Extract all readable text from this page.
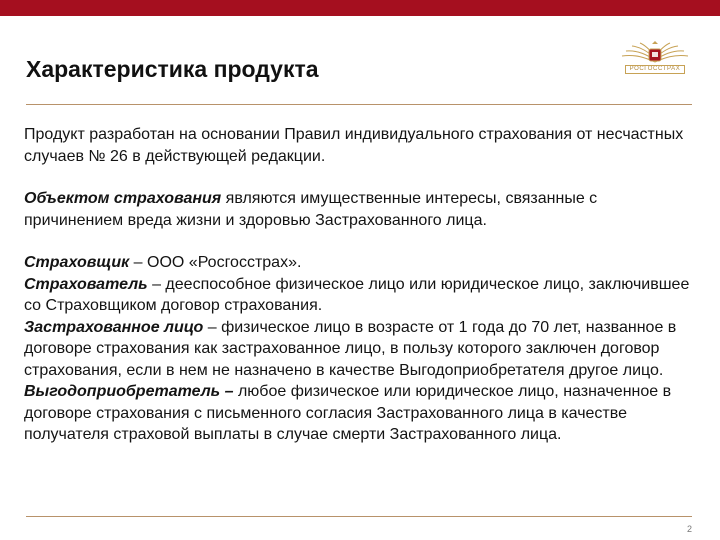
Характеристика продукта	РОСГОССТРАХ

Продукт разработан на основании Правил индивидуального страхования от несчастных случаев № 26 в действующей редакции.

Объектом страхования являются имущественные интересы, связанные с причинением вреда жизни и здоровью Застрахованного лица.

Страховщик – ООО «Росгосстрах».

Страхователь – дееспособное физическое лицо или юридическое лицо, заключившее со Страховщиком договор страхования.

Застрахованное лицо – физическое лицо в возрасте от 1 года до 70 лет, названное в договоре страхования как застрахованное лицо, в пользу которого заключен договор страхования, если в нем не назначено в качестве Выгодоприобретателя другое лицо.

Выгодоприобретатель – любое физическое или юридическое лицо, назначенное в договоре страхования с письменного согласия Застрахованного лица в качестве получателя страховой выплаты в случае смерти Застрахованного лица.

2
